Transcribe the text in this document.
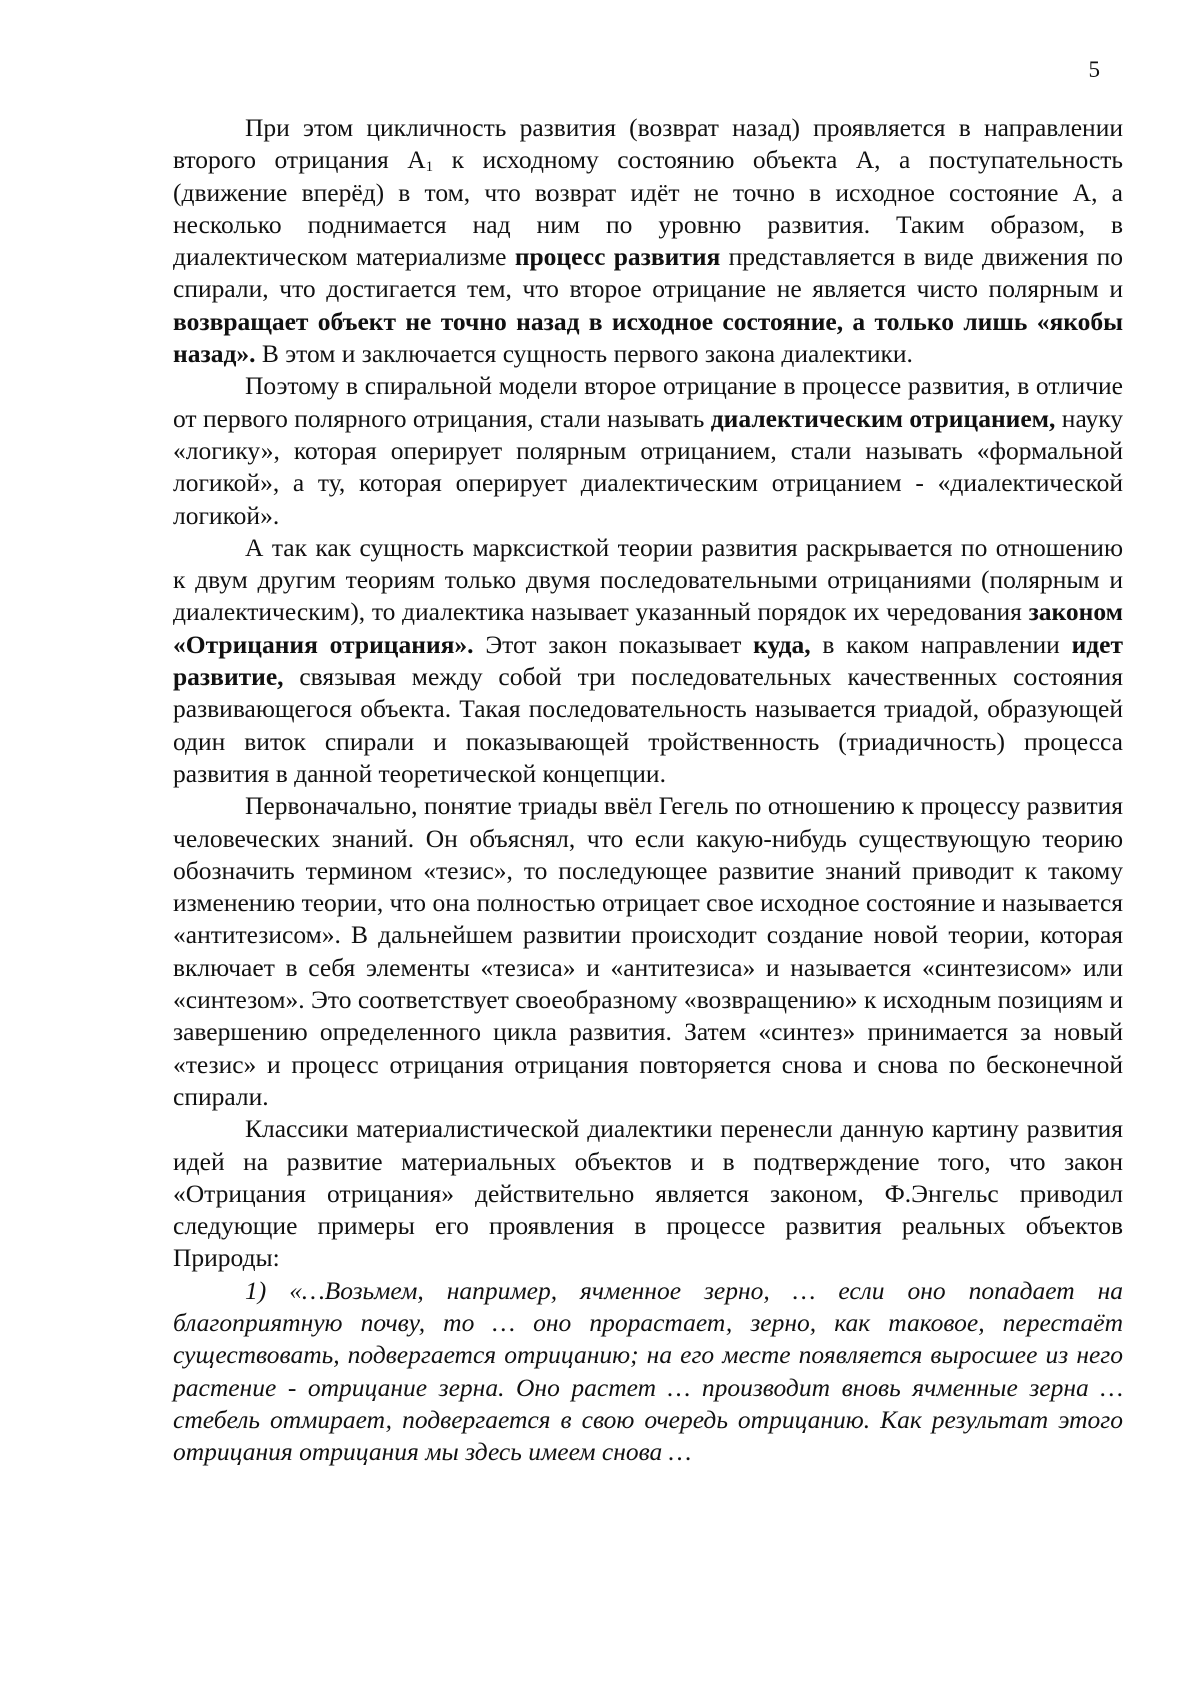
5

При этом цикличность развития (возврат назад) проявляется в направлении второго отрицания А1 к исходному состоянию объекта А, а поступательность (движение вперёд) в том, что возврат идёт не точно в исходное состояние А, а несколько поднимается над ним по уровню развития. Таким образом, в диалектическом материализме процесс развития представляется в виде движения по спирали, что достигается тем, что второе отрицание не является чисто полярным и возвращает объект не точно назад в исходное состояние, а только лишь «якобы назад». В этом и заключается сущность первого закона диалектики.

Поэтому в спиральной модели второе отрицание в процессе развития, в отличие от первого полярного отрицания, стали называть диалектическим отрицанием, науку «логику», которая оперирует полярным отрицанием, стали называть «формальной логикой», а ту, которая оперирует диалектическим отрицанием - «диалектической логикой».

А так как сущность марксисткой теории развития раскрывается по отношению к двум другим теориям только двумя последовательными отрицаниями (полярным и диалектическим), то диалектика называет указанный порядок их чередования законом «Отрицания отрицания». Этот закон показывает куда, в каком направлении идет развитие, связывая между собой три последовательных качественных состояния развивающегося объекта. Такая последовательность называется триадой, образующей один виток спирали и показывающей тройственность (триадичность) процесса развития в данной теоретической концепции.

Первоначально, понятие триады ввёл Гегель по отношению к процессу развития человеческих знаний. Он объяснял, что если какую-нибудь существующую теорию обозначить термином «тезис», то последующее развитие знаний приводит к такому изменению теории, что она полностью отрицает свое исходное состояние и называется «антитезисом». В дальнейшем развитии происходит создание новой теории, которая включает в себя элементы «тезиса» и «антитезиса» и называется «синтезисом» или «синтезом». Это соответствует своеобразному «возвращению» к исходным позициям и завершению определенного цикла развития. Затем «синтез» принимается за новый «тезис» и процесс отрицания отрицания повторяется снова и снова по бесконечной спирали.

Классики материалистической диалектики перенесли данную картину развития идей на развитие материальных объектов и в подтверждение того, что закон «Отрицания отрицания» действительно является законом, Ф.Энгельс приводил следующие примеры его проявления в процессе развития реальных объектов Природы:

1) «…Возьмем, например, ячменное зерно, … если оно попадает на благоприятную почву, то … оно прорастает, зерно, как таковое, перестаёт существовать, подвергается отрицанию; на его месте появляется выросшее из него растение - отрицание зерна. Оно растет … производит вновь ячменные зерна … стебель отмирает, подвергается в свою очередь отрицанию. Как результат этого отрицания отрицания мы здесь имеем снова …
